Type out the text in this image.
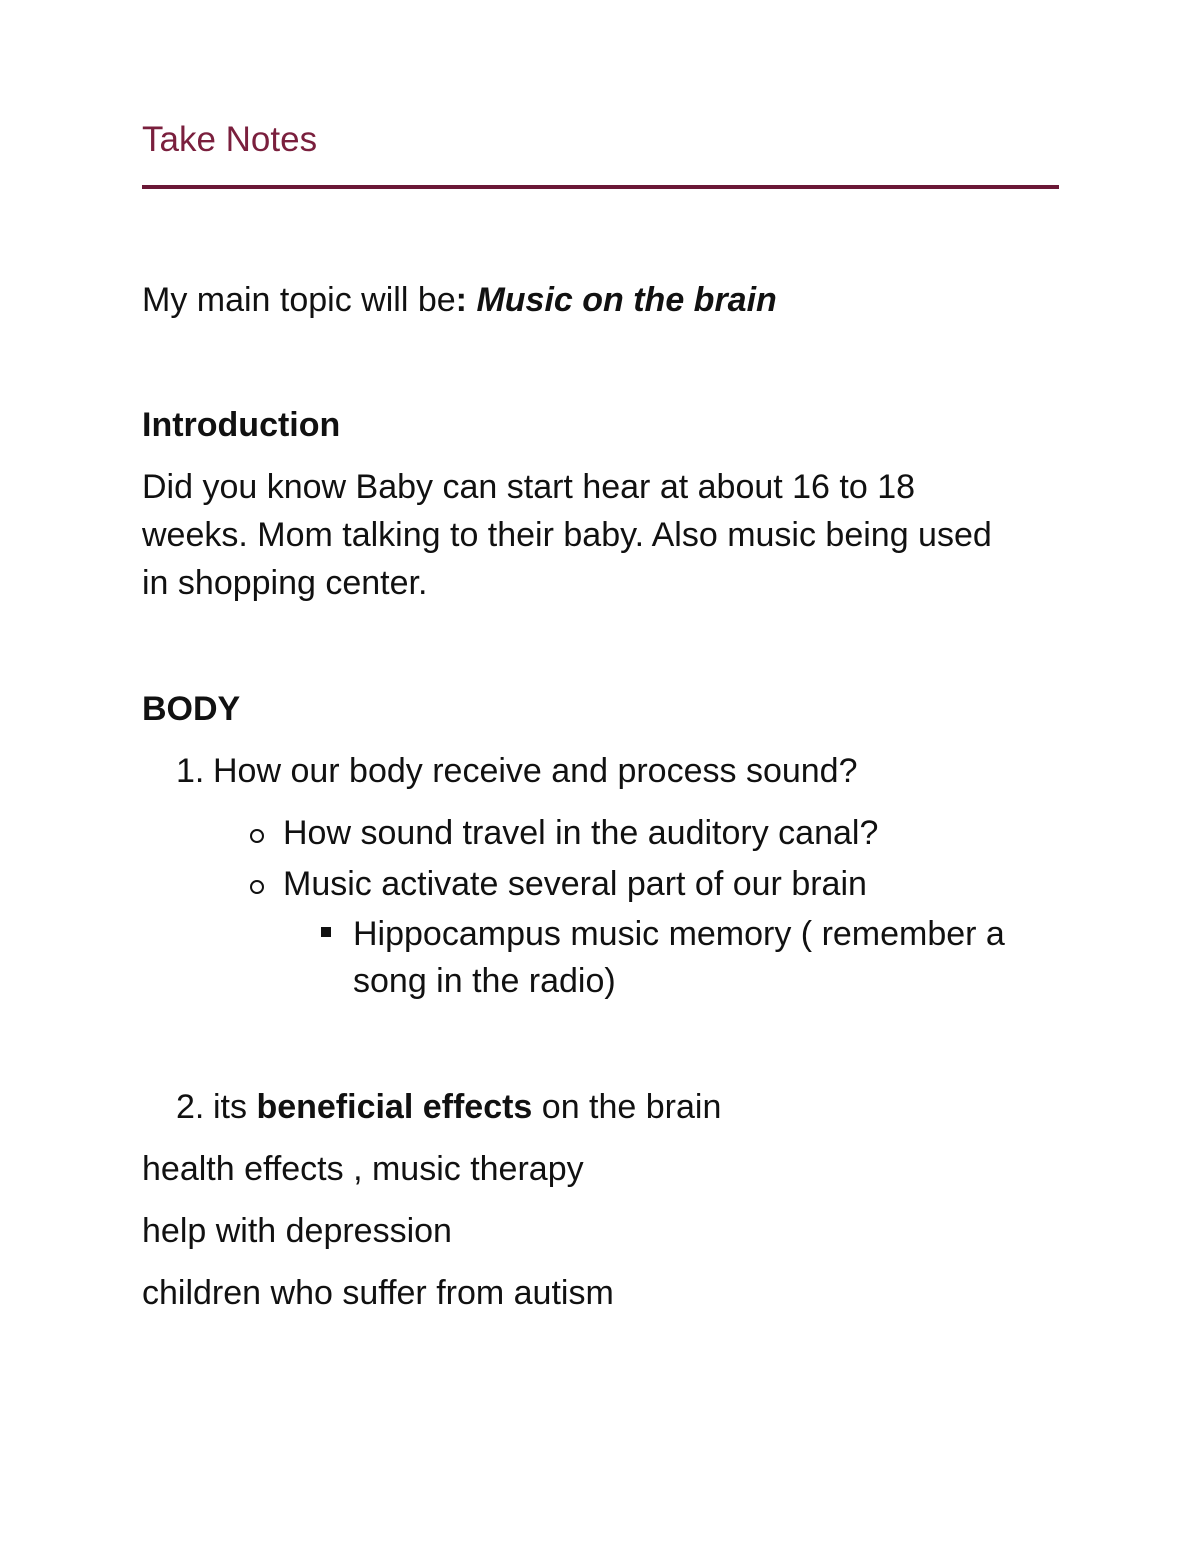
Take Notes
My main topic will be: Music on the brain
Introduction
Did you know Baby can start hear at about 16 to 18
weeks. Mom talking to their baby. Also music being used
in shopping center.
BODY
1. How our body receive and process sound?
How sound travel in the auditory canal?
Music activate several part of our brain
Hippocampus music memory ( remember a
song in the radio)
2. its beneficial effects on the brain
health effects , music therapy
help with depression
children who suffer from autism
